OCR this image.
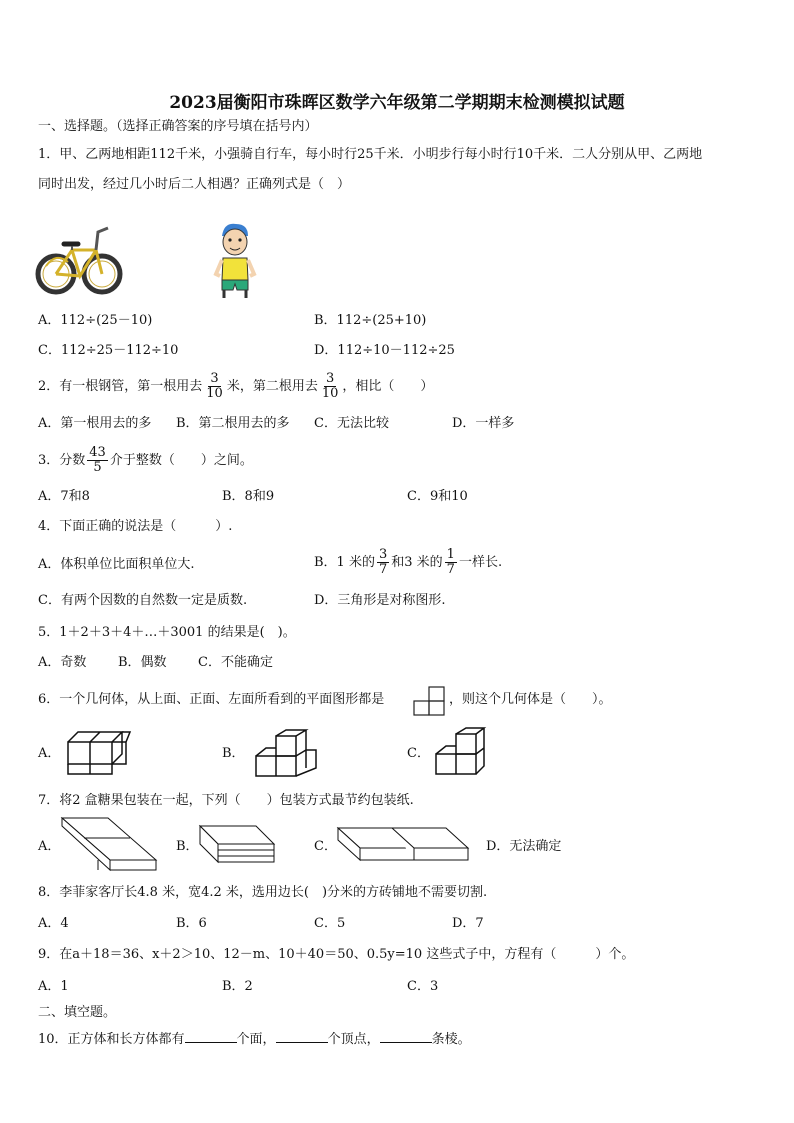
2023届衡阳市珠晖区数学六年级第二学期期末检测模拟试题
一、选择题。（选择正确答案的序号填在括号内）
1．甲、乙两地相距112千米，小强骑自行车，每小时行25千米．小明步行每小时行10千米．二人分别从甲、乙两地
同时出发，经过几小时后二人相遇？正确列式是（　）
A．112÷(25－10)	B．112÷(25+10)
C．112÷25－112÷10	D．112÷10－112÷25
2．有一根钢管，第一根用去 $\frac{3}{10}$ 米，第二根用去 $\frac{3}{10}$ ，相比（　　）
A．第一根用去的多 B．第二根用去的多 C．无法比较	D．一样多
3．分数 $\frac{43}{5}$ 介于整数（　　）之间。
A．7和8	B．8和9	C．9和10
4．下面正确的说法是（　　　）.
A．体积单位比面积单位大.	B．1 米的 $\frac{3}{7}$ 和3 米的 $\frac{1}{7}$ 一样长.
C．有两个因数的自然数一定是质数.	D．三角形是对称图形.
5．1＋2＋3＋4＋…＋3001 的结果是(　)。
A．奇数 B．偶数 C．不能确定
6．一个几何体，从上面、正面、左面所看到的平面图形都是	，则这个几何体是（　　）。
A．	B．	C．
7．将2 盒糖果包装在一起，下列（　　）包装方式最节约包装纸.
A．	B．	C．	D．无法确定
8．李菲家客厅长4.8 米，宽4.2 米，选用边长(　)分米的方砖铺地不需要切割.
A．4	B．6	C．5	D．7
9．在a＋18＝36、x＋2＞10、12－m、10＋40＝50、0.5y=10 这些式子中，方程有（　　　）个。
A．1	B．2	C．3
二、填空题。
10．正方体和长方体都有	个面，	个顶点，	条棱。
